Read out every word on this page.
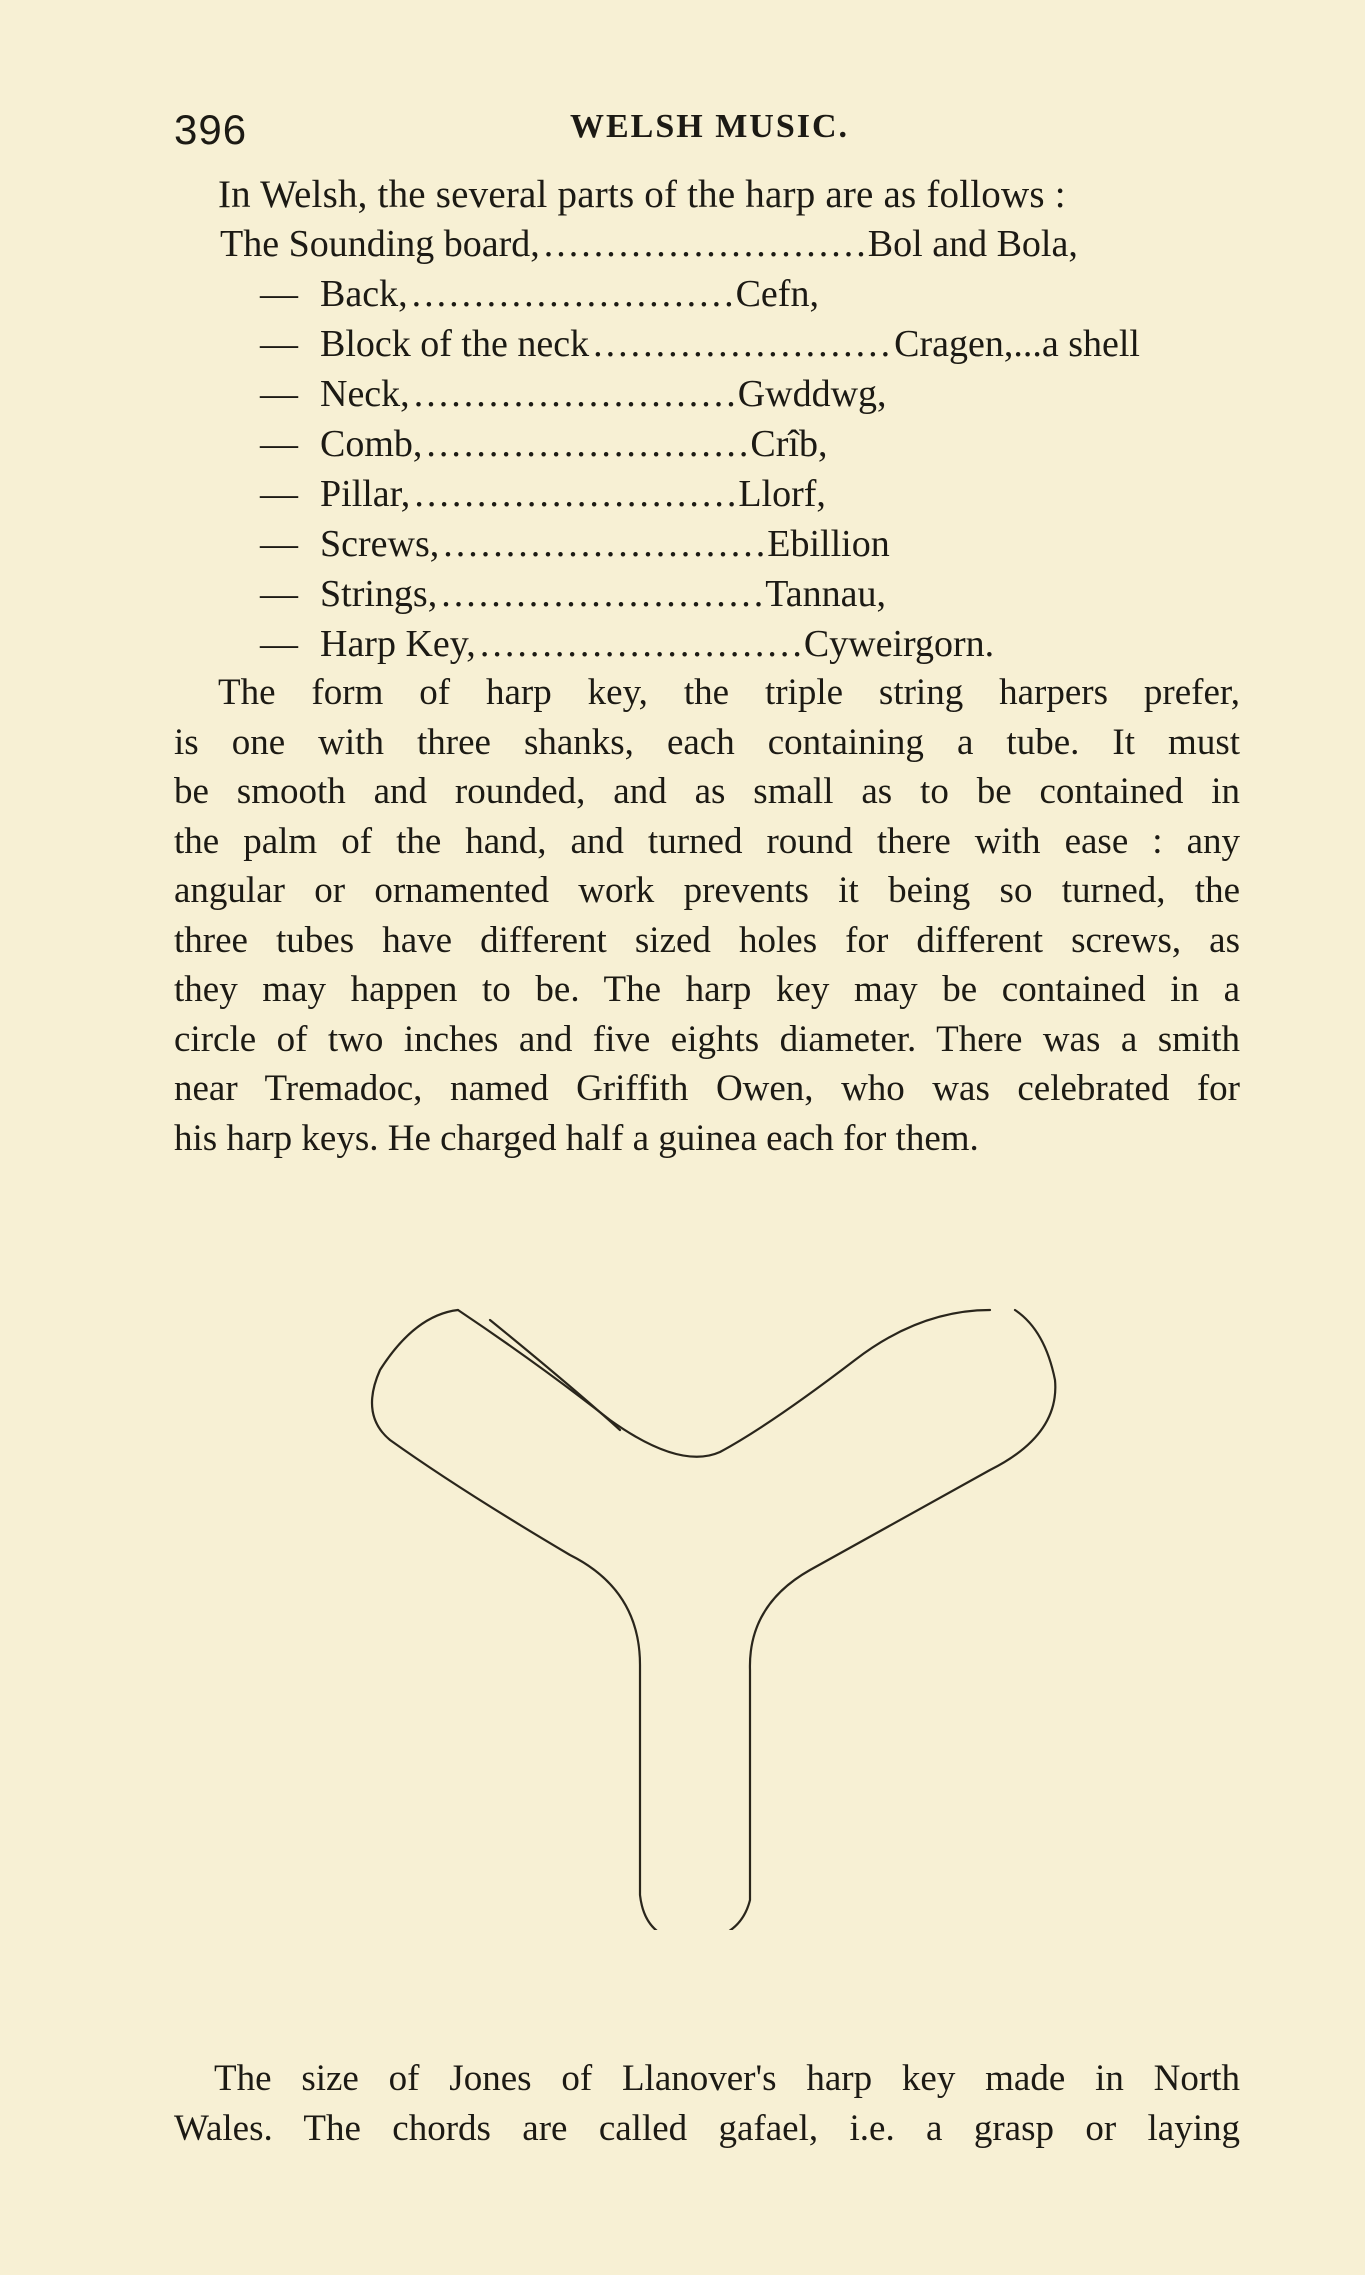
396	WELSH MUSIC.
In Welsh, the several parts of the harp are as follows :
The Sounding board, .....	Bol and Bola,
— Back, .....	Cefn,
— Block of the neck .....	Cragen,...a shell
— Neck, .....	Gwddwg,
— Comb, .....	Crîb,
— Pillar, .....	Llorf,
— Screws, .....	Ebillion
— Strings, .....	Tannau,
— Harp Key, .....	Cyweirgorn.
The form of harp key, the triple string harpers prefer,
is one with three shanks, each containing a tube. It must
be smooth and rounded, and as small as to be contained in
the palm of the hand, and turned round there with ease : any
angular or ornamented work prevents it being so turned, the
three tubes have different sized holes for different screws, as
they may happen to be. The harp key may be contained in a
circle of two inches and five eights diameter. There was a smith
near Tremadoc, named Griffith Owen, who was celebrated for
his harp keys. He charged half a guinea each for them.
The size of Jones of Llanover's harp key made in North
Wales. The chords are called gafael, i.e. a grasp or laying
